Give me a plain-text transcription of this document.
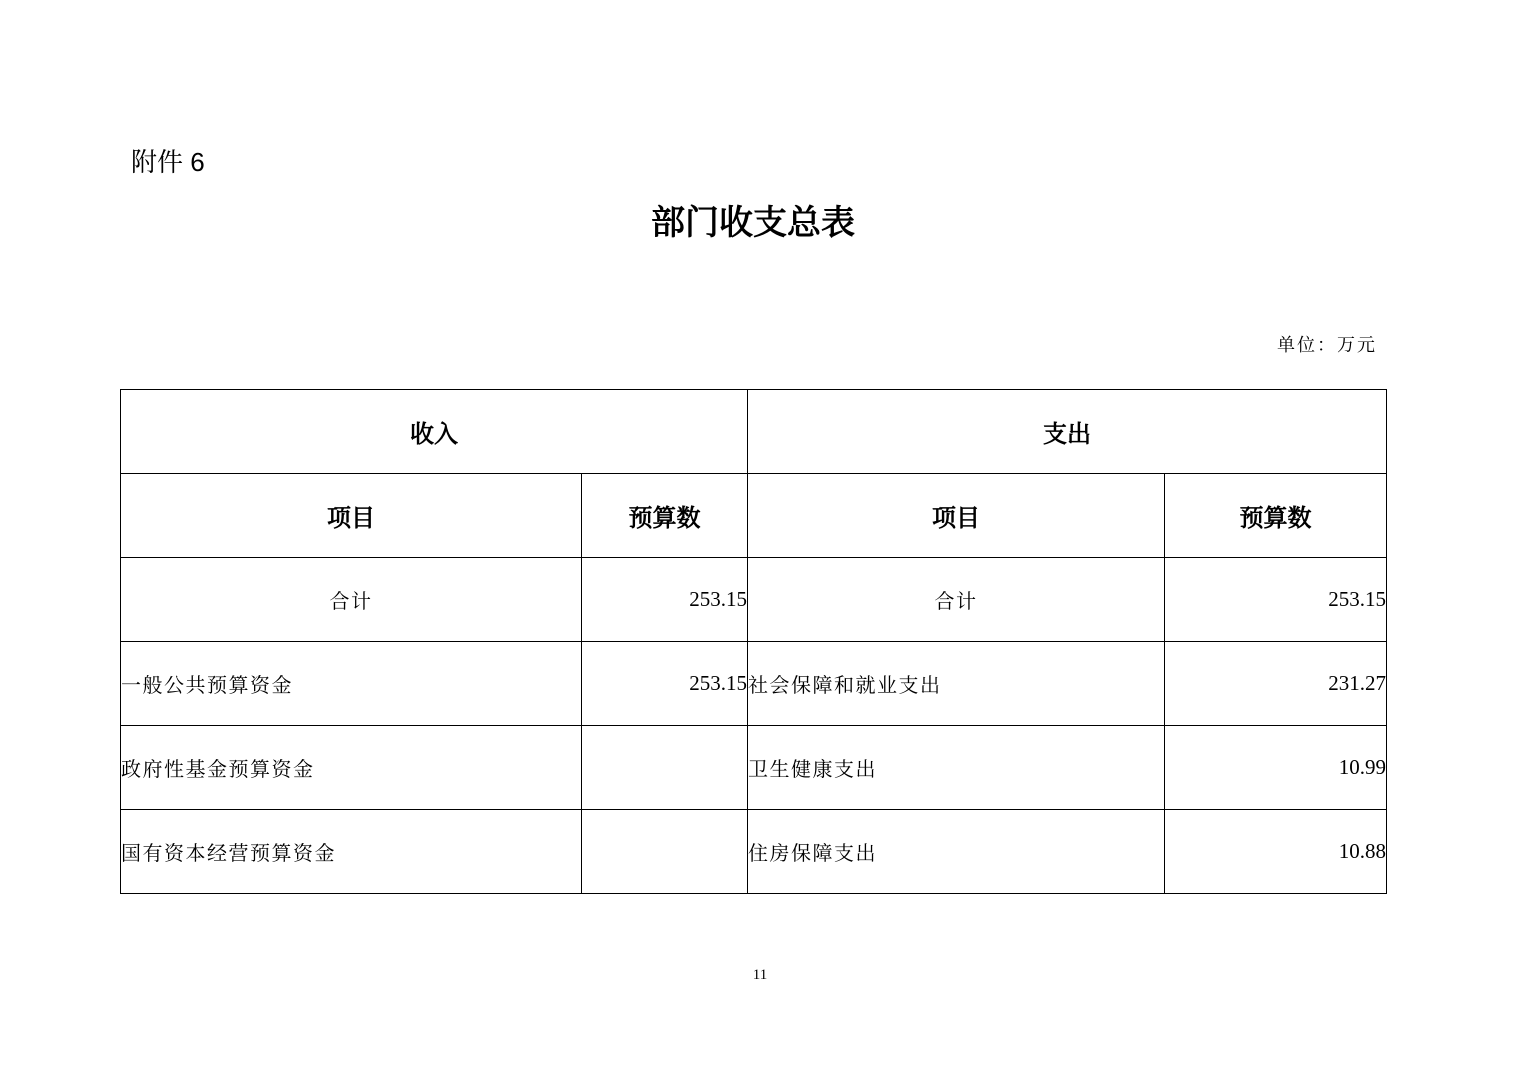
附件 6
部门收支总表
单位：万元
收入		支出	
项目	预算数	项目	预算数
合计	253.15	合计	253.15
一般公共预算资金	253.15	社会保障和就业支出	231.27
政府性基金预算资金		卫生健康支出	10.99
国有资本经营预算资金		住房保障支出	10.88
11
